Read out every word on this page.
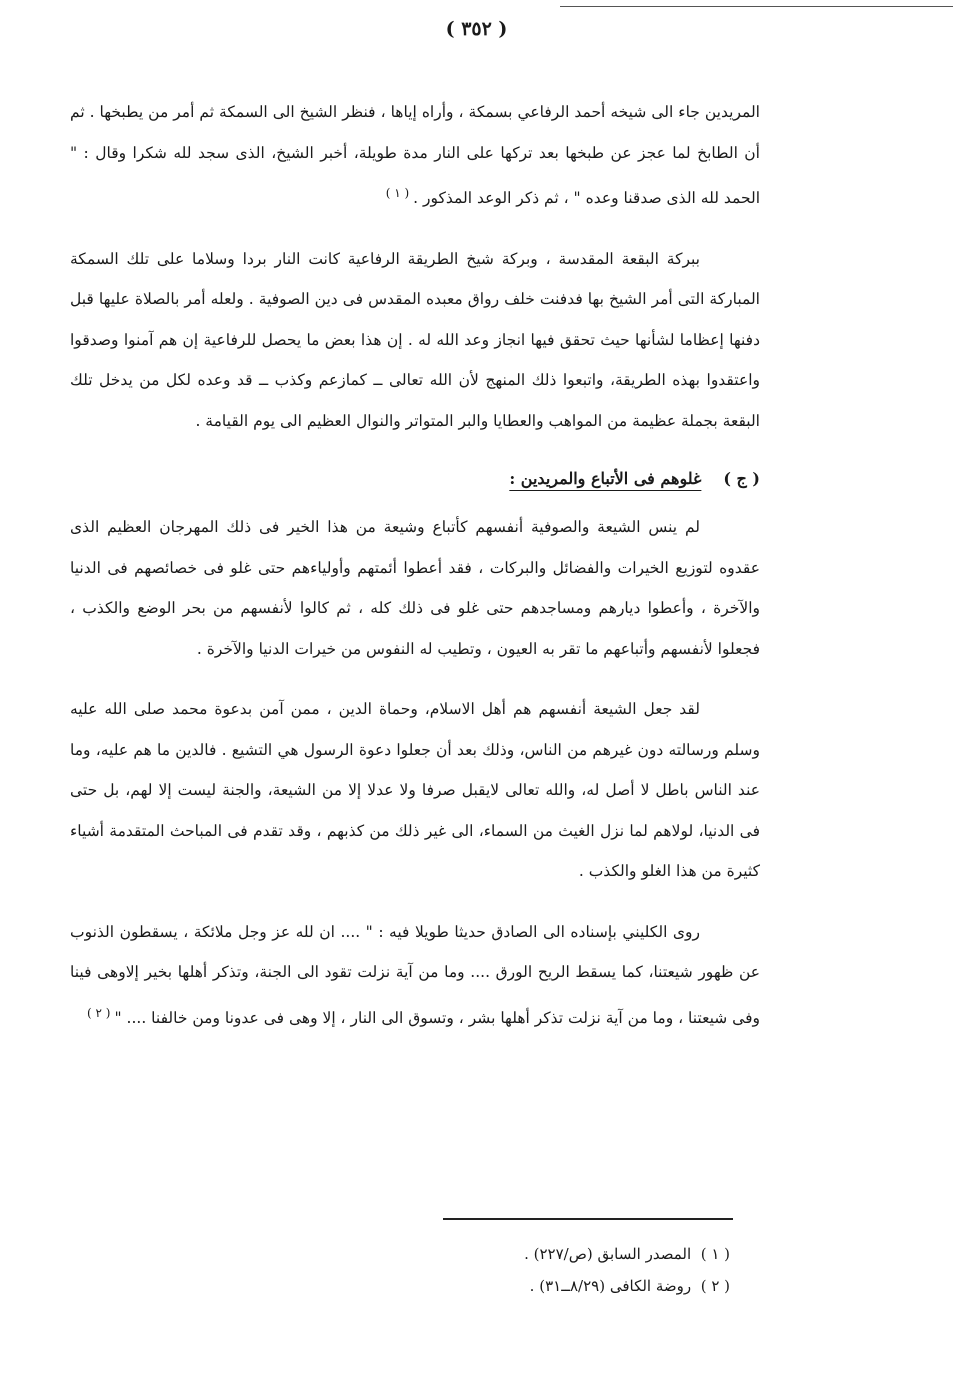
( ٣٥٢ )

المريدين جاء الى شيخه أحمد الرفاعي بسمكة ، وأراه إياها ، فنظر الشيخ الى السمكة ثم أمر من يطبخها . ثم أن الطابخ لما عجز عن طبخها بعد تركها على النار مدة طويلة، أخبر الشيخ، الذى سجد لله شكرا وقال : " الحمد لله الذى صدقنا وعده " ، ثم ذكر الوعد المذكور .$^{( ١ )}$

ببركة البقعة المقدسة ، وبركة شيخ الطريقة الرفاعية كانت النار بردا وسلاما على تلك السمكة المباركة التى أمر الشيخ بها فدفنت خلف رواق معبده المقدس فى دين الصوفية . ولعله أمر بالصلاة عليها قبل دفنها إعظاما لشأنها حيث تحقق فيها انجاز وعد الله له . إن هذا بعض ما يحصل للرفاعية إن هم آمنوا وصدقوا واعتقدوا بهذه الطريقة، واتبعوا ذلك المنهج لأن الله تعالى ــ كمازعم وكذب ــ قد وعده لكل من يدخل تلك البقعة بجملة عظيمة من المواهب والعطايا والبر المتواتر والنوال العظيم الى يوم القيامة .

( ج )غلوهم فى الأتباع والمريدين :

لم ينس الشيعة والصوفية أنفسهم كأتباع وشيعة من هذا الخير فى ذلك المهرجان العظيم الذى عقدوه لتوزيع الخيرات والفضائل والبركات ، فقد أعطوا أئمتهم وأولياءهم حتى غلو فى خصائصهم فى الدنيا والآخرة ، وأعطوا ديارهم ومساجدهم حتى غلو فى ذلك كله ، ثم كالوا لأنفسهم من بحر الوضع والكذب ، فجعلوا لأنفسهم وأتباعهم ما تقر به العيون ، وتطيب له النفوس من خيرات الدنيا والآخرة .

لقد جعل الشيعة أنفسهم هم أهل الاسلام، وحماة الدين ، ممن آمن بدعوة محمد صلى الله عليه وسلم ورسالته دون غيرهم من الناس، وذلك بعد أن جعلوا دعوة الرسول هي التشيع . فالدين ما هم عليه، وما عند الناس باطل لا أصل له، والله تعالى لايقبل صرفا ولا عدلا إلا من الشيعة، والجنة ليست إلا لهم، بل حتى فى الدنيا، لولاهم لما نزل الغيث من السماء، الى غير ذلك من كذبهم ، وقد تقدم فى المباحث المتقدمة أشياء كثيرة من هذا الغلو والكذب .

روى الكليني بإسناده الى الصادق حديثا طويلا فيه : " .... ان لله عز وجل ملائكة ، يسقطون الذنوب عن ظهور شيعتنا، كما يسقط الريح الورق .... وما من آية نزلت تقود الى الجنة، وتذكر أهلها بخير إلاوهى فينا وفى شيعتنا ، وما من آية نزلت تذكر أهلها بشر ، وتسوق الى النار ، إلا وهى فى عدونا ومن خالفنا .... "$^{( ٢ )}$

( ١ )  المصدر السابق (ص/٢٢٧) .

( ٢ )  روضة الكافى (٨/٢٩ــ٣١) .
